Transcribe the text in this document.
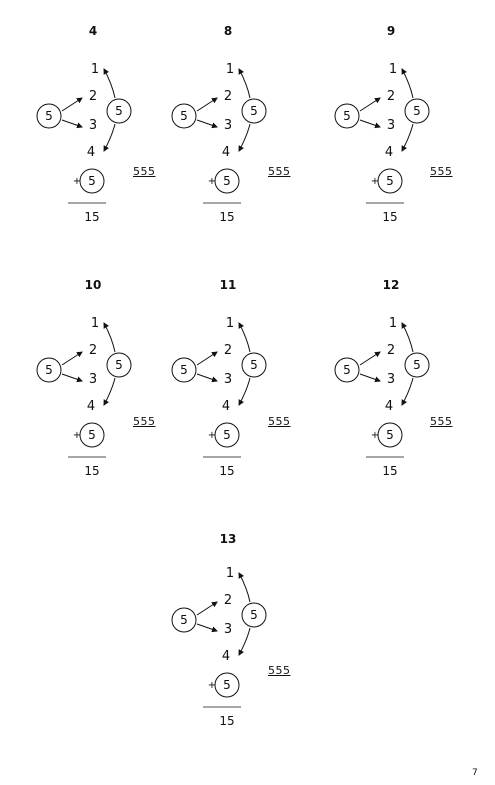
4
1
2
3
4
5	5
+ 5
555
15
8
1
2
3
4
5	5
+ 5
555
15
9
1
2
3
4
5	5
+ 5
555
15
10
1
2
3
4
5	5
+ 5
555
15
11
1
2
3
4
5	5
+ 5
555
15
12
1
2
3
4
5	5
+ 5
555
15
13
1
2
3
4
5	5
+ 5
555
15
7
